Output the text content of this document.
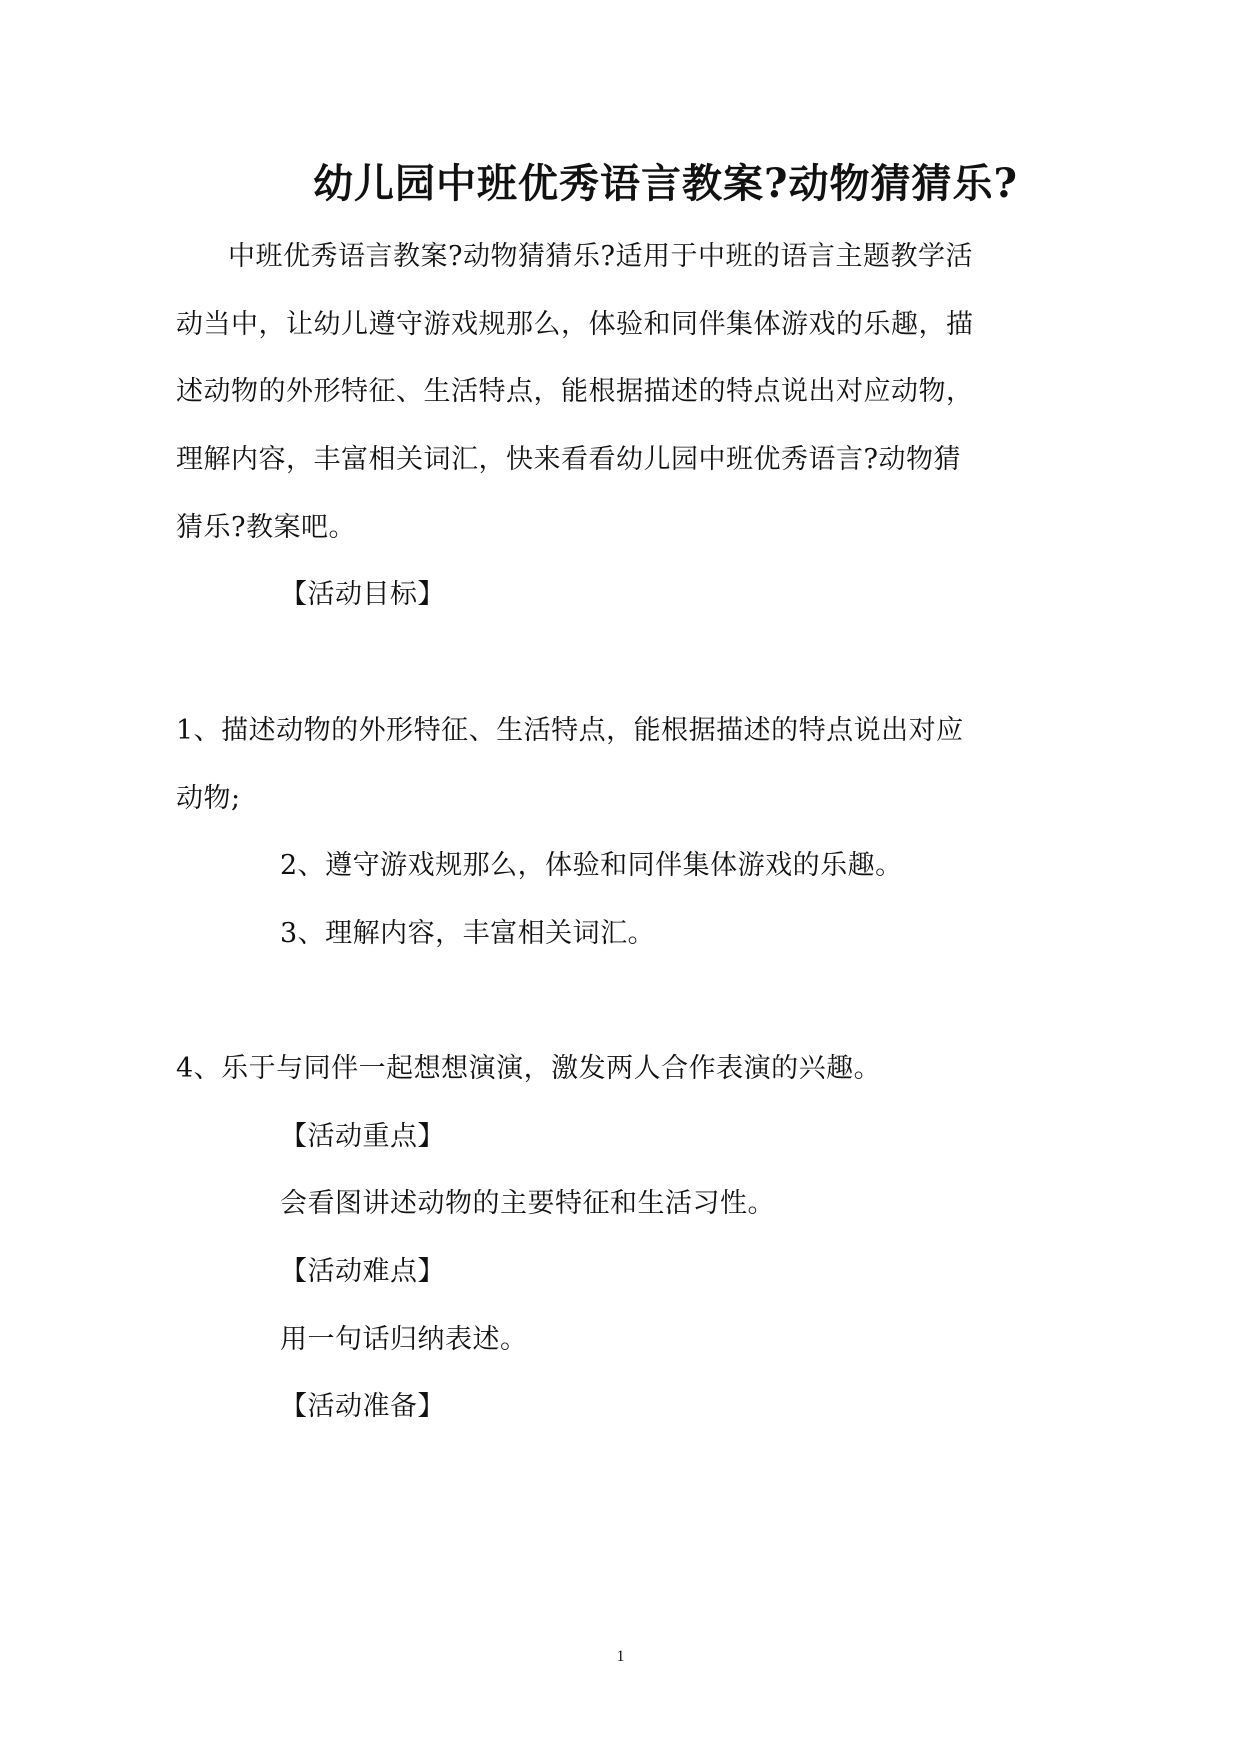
幼儿园中班优秀语言教案?动物猜猜乐?
中班优秀语言教案?动物猜猜乐?适用于中班的语言主题教学活
动当中，让幼儿遵守游戏规那么，体验和同伴集体游戏的乐趣，描
述动物的外形特征、生活特点，能根据描述的特点说出对应动物，
理解内容，丰富相关词汇，快来看看幼儿园中班优秀语言?动物猜
猜乐?教案吧。
【活动目标】
1、描述动物的外形特征、生活特点，能根据描述的特点说出对应
动物;
2、遵守游戏规那么，体验和同伴集体游戏的乐趣。
3、理解内容，丰富相关词汇。
4、乐于与同伴一起想想演演，激发两人合作表演的兴趣。
【活动重点】
会看图讲述动物的主要特征和生活习性。
【活动难点】
用一句话归纳表述。
【活动准备】
1
